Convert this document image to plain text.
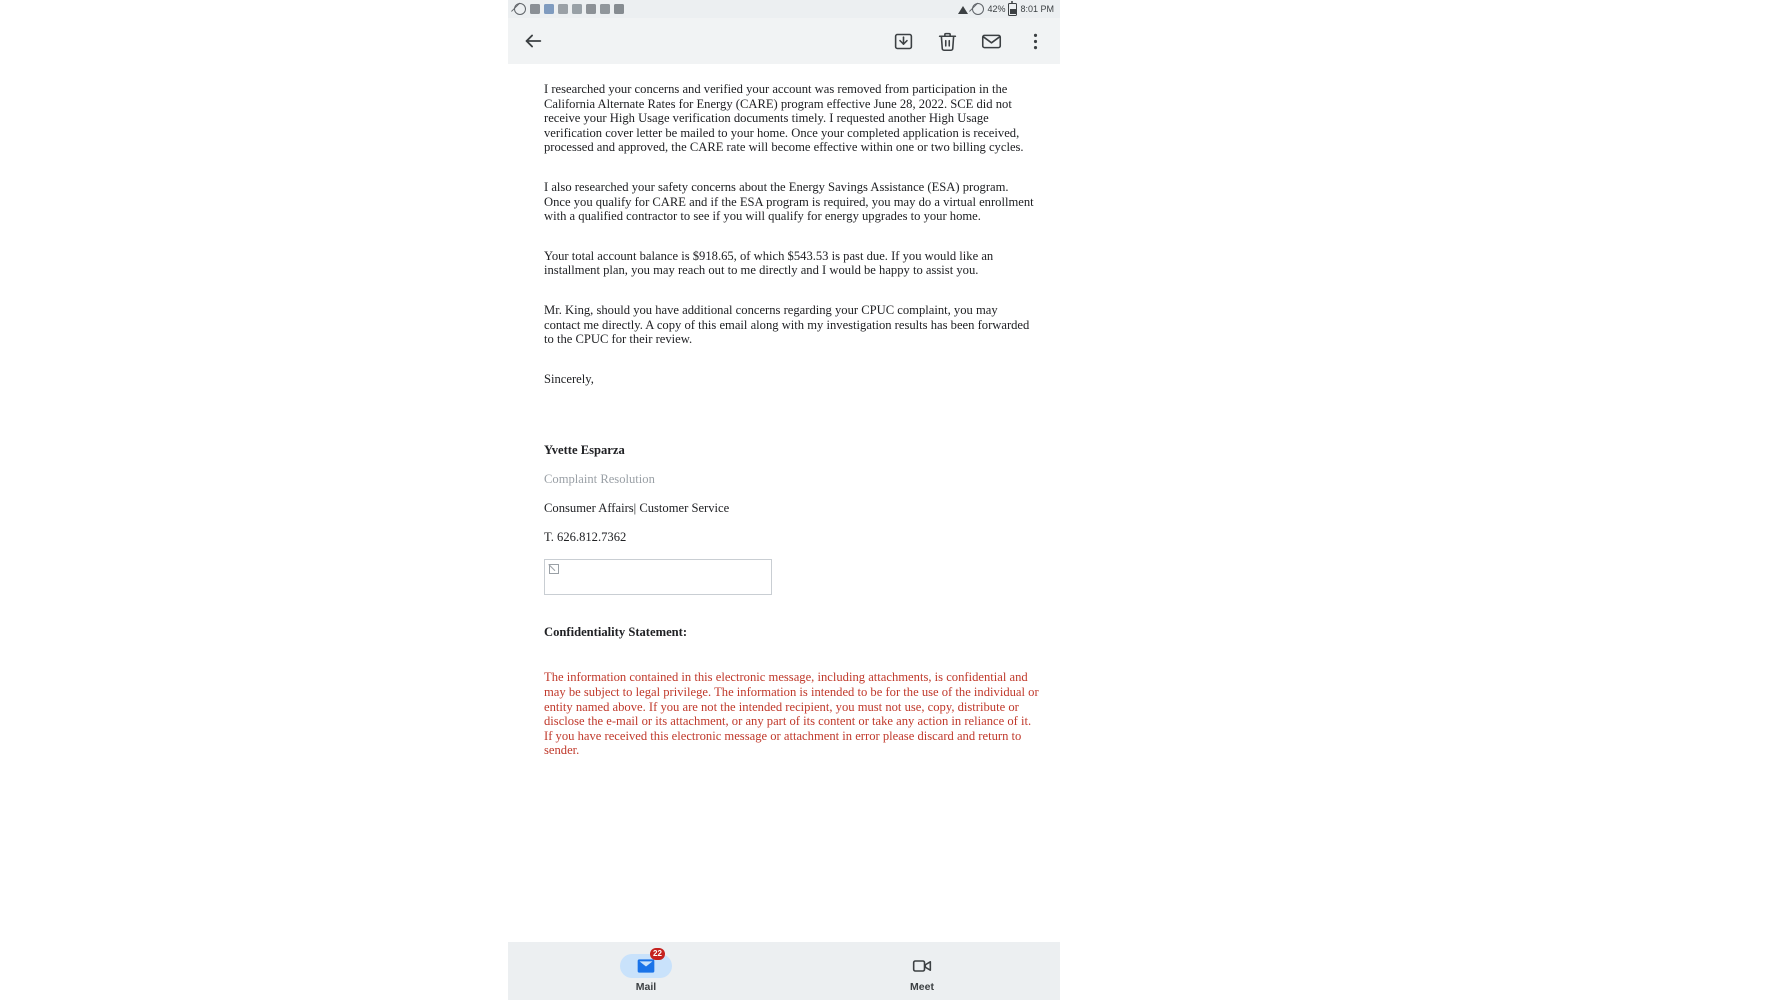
42% 8:01 PM

I researched your concerns and verified your account was removed from participation in the California Alternate Rates for Energy (CARE) program effective June 28, 2022. SCE did not receive your High Usage verification documents timely. I requested another High Usage verification cover letter be mailed to your home. Once your completed application is received, processed and approved, the CARE rate will become effective within one or two billing cycles.

I also researched your safety concerns about the Energy Savings Assistance (ESA) program. Once you qualify for CARE and if the ESA program is required, you may do a virtual enrollment with a qualified contractor to see if you will qualify for energy upgrades to your home.

Your total account balance is $918.65, of which $543.53 is past due. If you would like an installment plan, you may reach out to me directly and I would be happy to assist you.

Mr. King, should you have additional concerns regarding your CPUC complaint, you may contact me directly. A copy of this email along with my investigation results has been forwarded to the CPUC for their review.

Sincerely,

Yvette Esparza
Complaint Resolution
Consumer Affairs| Customer Service
T. 626.812.7362
Confidentiality Statement:
The information contained in this electronic message, including attachments, is confidential and may be subject to legal privilege. The information is intended to be for the use of the individual or entity named above. If you are not the intended recipient, you must not use, copy, distribute or disclose the e-mail or its attachment, or any part of its content or take any action in reliance of it. If you have received this electronic message or attachment in error please discard and return to sender.
22
Mail	Meet
